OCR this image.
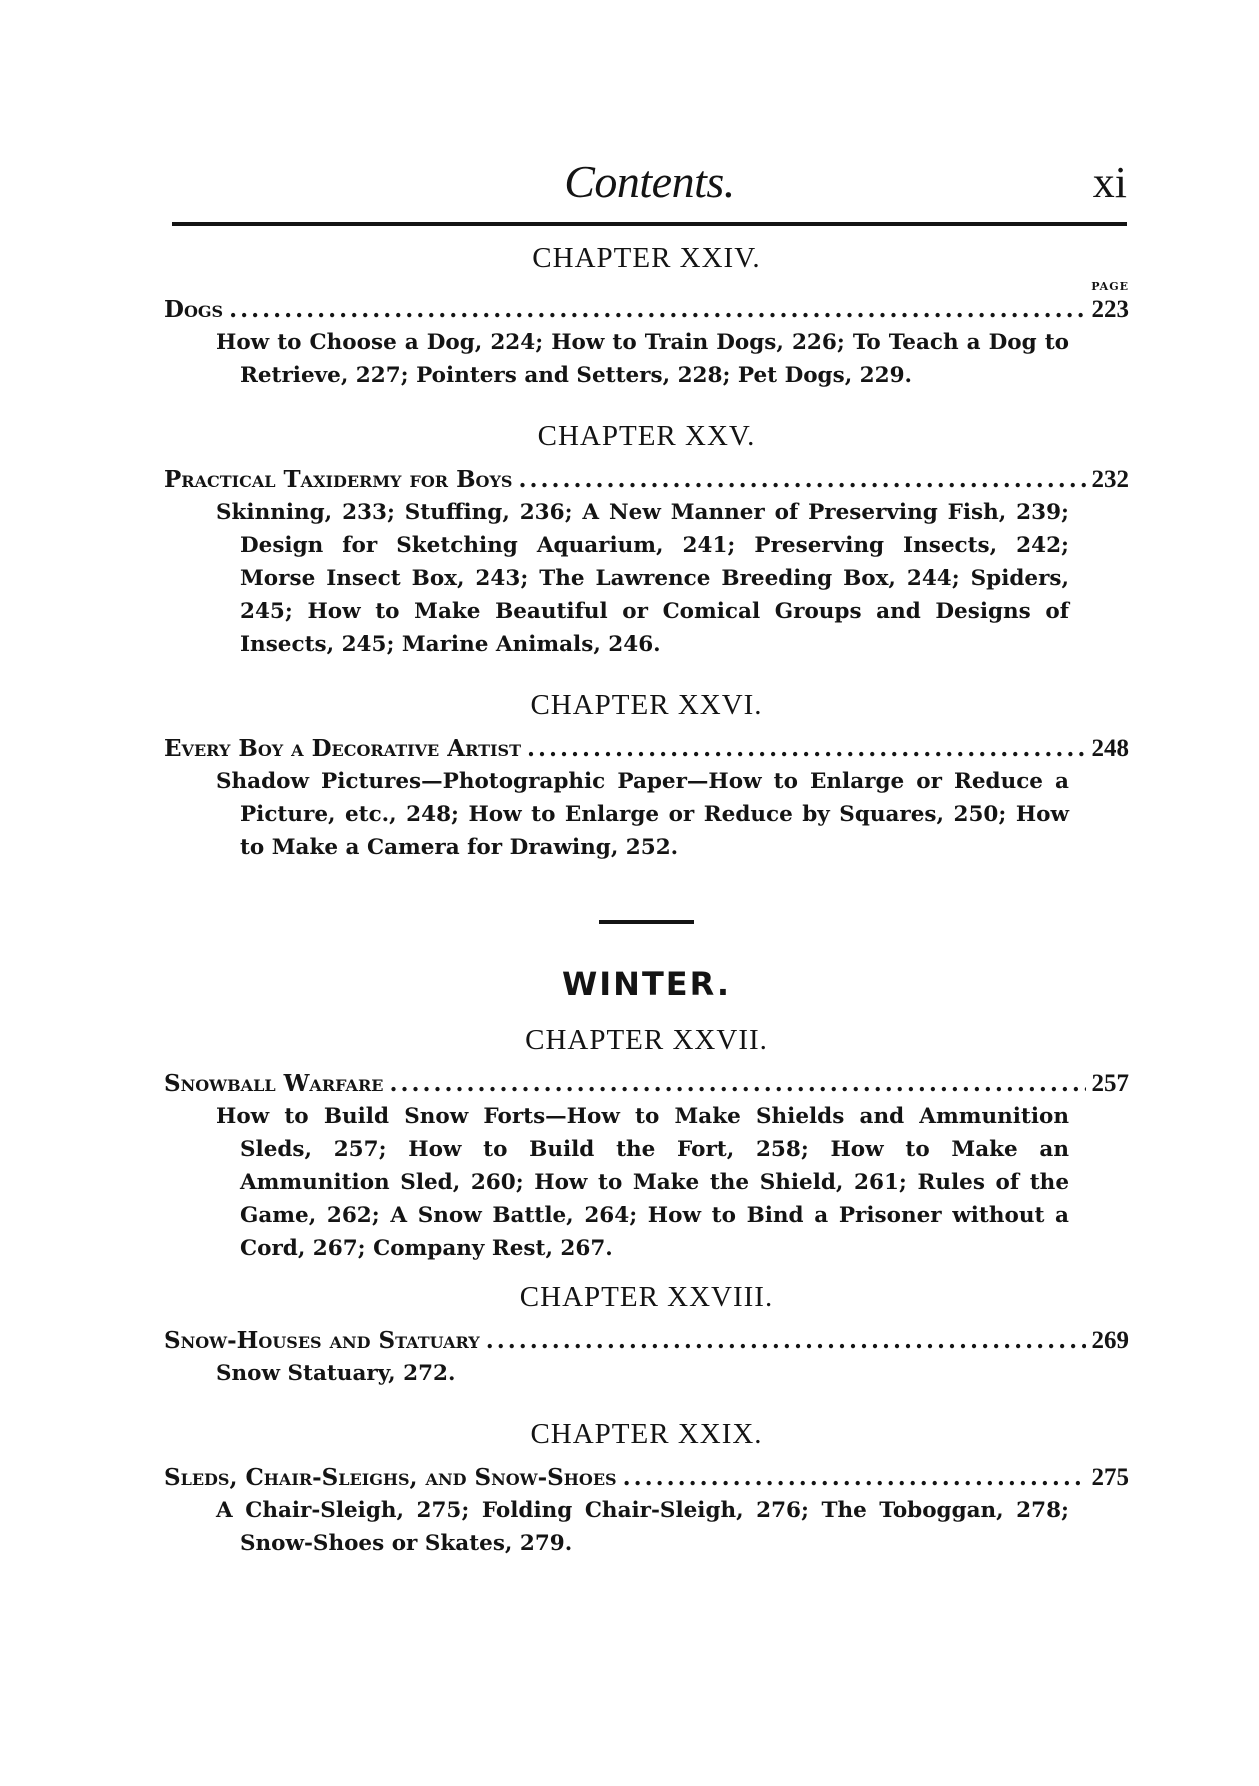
Contents.	xi
CHAPTER XXIV.
PAGE
Dogs .....	223
How to Choose a Dog, 224; How to Train Dogs, 226; To Teach a Dog to Retrieve, 227; Pointers and Setters, 228; Pet Dogs, 229.
CHAPTER XXV.
Practical Taxidermy for Boys .....	232
Skinning, 233; Stuffing, 236; A New Manner of Preserving Fish, 239; Design for Sketching Aquarium, 241; Preserving Insects, 242; Morse Insect Box, 243; The Lawrence Breeding Box, 244; Spiders, 245; How to Make Beautiful or Comical Groups and Designs of Insects, 245; Marine Animals, 246.
CHAPTER XXVI.
Every Boy a Decorative Artist .....	248
Shadow Pictures—Photographic Paper—How to Enlarge or Reduce a Picture, etc., 248; How to Enlarge or Reduce by Squares, 250; How to Make a Camera for Drawing, 252.
WINTER.
CHAPTER XXVII.
Snowball Warfare .....	257
How to Build Snow Forts—How to Make Shields and Ammunition Sleds, 257; How to Build the Fort, 258; How to Make an Ammunition Sled, 260; How to Make the Shield, 261; Rules of the Game, 262; A Snow Battle, 264; How to Bind a Prisoner without a Cord, 267; Company Rest, 267.
CHAPTER XXVIII.
Snow-Houses and Statuary .....	269
Snow Statuary, 272.
CHAPTER XXIX.
Sleds, Chair-Sleighs, and Snow-Shoes .....	275
A Chair-Sleigh, 275; Folding Chair-Sleigh, 276; The Toboggan, 278; Snow-Shoes or Skates, 279.
